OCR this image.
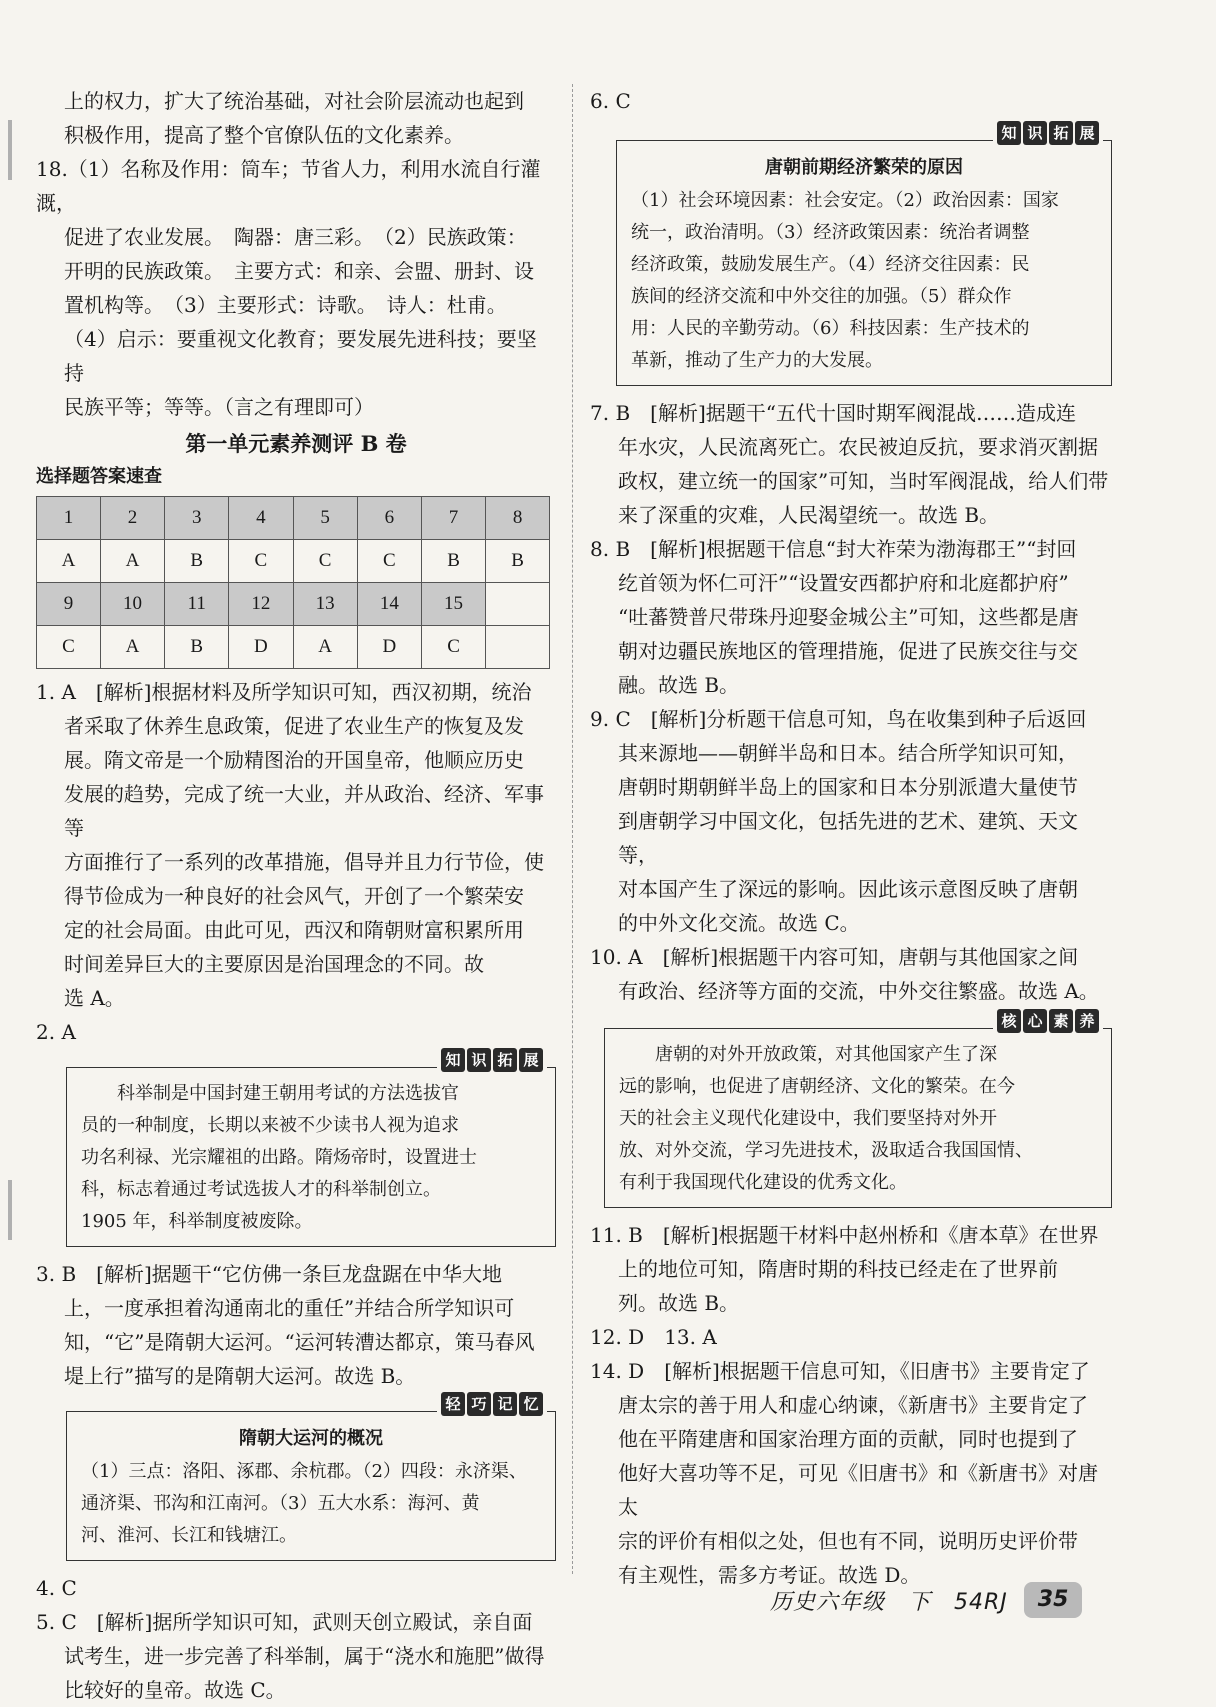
上的权力，扩大了统治基础，对社会阶层流动也起到

积极作用，提高了整个官僚队伍的文化素养。

18.（1）名称及作用：筒车；节省人力，利用水流自行灌溉，

促进了农业发展。　陶器：唐三彩。　（2）民族政策：

开明的民族政策。　主要方式：和亲、会盟、册封、设

置机构等。　（3）主要形式：诗歌。　诗人：杜甫。

（4）启示：要重视文化教育；要发展先进科技；要坚持

民族平等；等等。（言之有理即可）

第一单元素养测评 B 卷

选择题答案速查

1	2	3	4	5	6	7	8
A	A	B	C	C	C	B	B
9	10	11	12	13	14	15	
C	A	B	D	A	D	C	

1. A　[解析]根据材料及所学知识可知，西汉初期，统治

者采取了休养生息政策，促进了农业生产的恢复及发

展。隋文帝是一个励精图治的开国皇帝，他顺应历史

发展的趋势，完成了统一大业，并从政治、经济、军事等

方面推行了一系列的改革措施，倡导并且力行节俭，使

得节俭成为一种良好的社会风气，开创了一个繁荣安

定的社会局面。由此可见，西汉和隋朝财富积累所用

时间差异巨大的主要原因是治国理念的不同。故

选 A。

2. A

知 识 拓 展

科举制是中国封建王朝用考试的方法选拔官

员的一种制度，长期以来被不少读书人视为追求

功名利禄、光宗耀祖的出路。隋炀帝时，设置进士

科，标志着通过考试选拔人才的科举制创立。

1905 年，科举制度被废除。

3. B　[解析]据题干“它仿佛一条巨龙盘踞在中华大地

上，一度承担着沟通南北的重任”并结合所学知识可

知，“它”是隋朝大运河。“运河转漕达都京，策马春风

堤上行”描写的是隋朝大运河。故选 B。

轻 巧 记 忆

隋朝大运河的概况

（1）三点：洛阳、涿郡、余杭郡。（2）四段：永济渠、

通济渠、邗沟和江南河。（3）五大水系：海河、黄

河、淮河、长江和钱塘江。

4. C

5. C　[解析]据所学知识可知，武则天创立殿试，亲自面

试考生，进一步完善了科举制，属于“浇水和施肥”做得

比较好的皇帝。故选 C。

6. C

知 识 拓 展

唐朝前期经济繁荣的原因

（1）社会环境因素：社会安定。（2）政治因素：国家

统一，政治清明。（3）经济政策因素：统治者调整

经济政策，鼓励发展生产。（4）经济交往因素：民

族间的经济交流和中外交往的加强。（5）群众作

用：人民的辛勤劳动。（6）科技因素：生产技术的

革新，推动了生产力的大发展。

7. B　[解析]据题干“五代十国时期军阀混战……造成连

年水灾，人民流离死亡。农民被迫反抗，要求消灭割据

政权，建立统一的国家”可知，当时军阀混战，给人们带

来了深重的灾难，人民渴望统一。故选 B。

8. B　[解析]根据题干信息“封大祚荣为渤海郡王”“封回

纥首领为怀仁可汗”“设置安西都护府和北庭都护府”

“吐蕃赞普尺带珠丹迎娶金城公主”可知，这些都是唐

朝对边疆民族地区的管理措施，促进了民族交往与交

融。故选 B。

9. C　[解析]分析题干信息可知，鸟在收集到种子后返回

其来源地——朝鲜半岛和日本。结合所学知识可知，

唐朝时期朝鲜半岛上的国家和日本分别派遣大量使节

到唐朝学习中国文化，包括先进的艺术、建筑、天文等，

对本国产生了深远的影响。因此该示意图反映了唐朝

的中外文化交流。故选 C。

10. A　[解析]根据题干内容可知，唐朝与其他国家之间

有政治、经济等方面的交流，中外交往繁盛。故选 A。

核 心 素 养

唐朝的对外开放政策，对其他国家产生了深

远的影响，也促进了唐朝经济、文化的繁荣。在今

天的社会主义现代化建设中，我们要坚持对外开

放、对外交流，学习先进技术，汲取适合我国国情、

有利于我国现代化建设的优秀文化。

11. B　[解析]根据题干材料中赵州桥和《唐本草》在世界

上的地位可知，隋唐时期的科技已经走在了世界前

列。故选 B。

12. D　13. A

14. D　[解析]根据题干信息可知，《旧唐书》主要肯定了

唐太宗的善于用人和虚心纳谏，《新唐书》主要肯定了

他在平隋建唐和国家治理方面的贡献，同时也提到了

他好大喜功等不足，可见《旧唐书》和《新唐书》对唐太

宗的评价有相似之处，但也有不同，说明历史评价带

有主观性，需多方考证。故选 D。

历史六年级　下　54RJ	35
